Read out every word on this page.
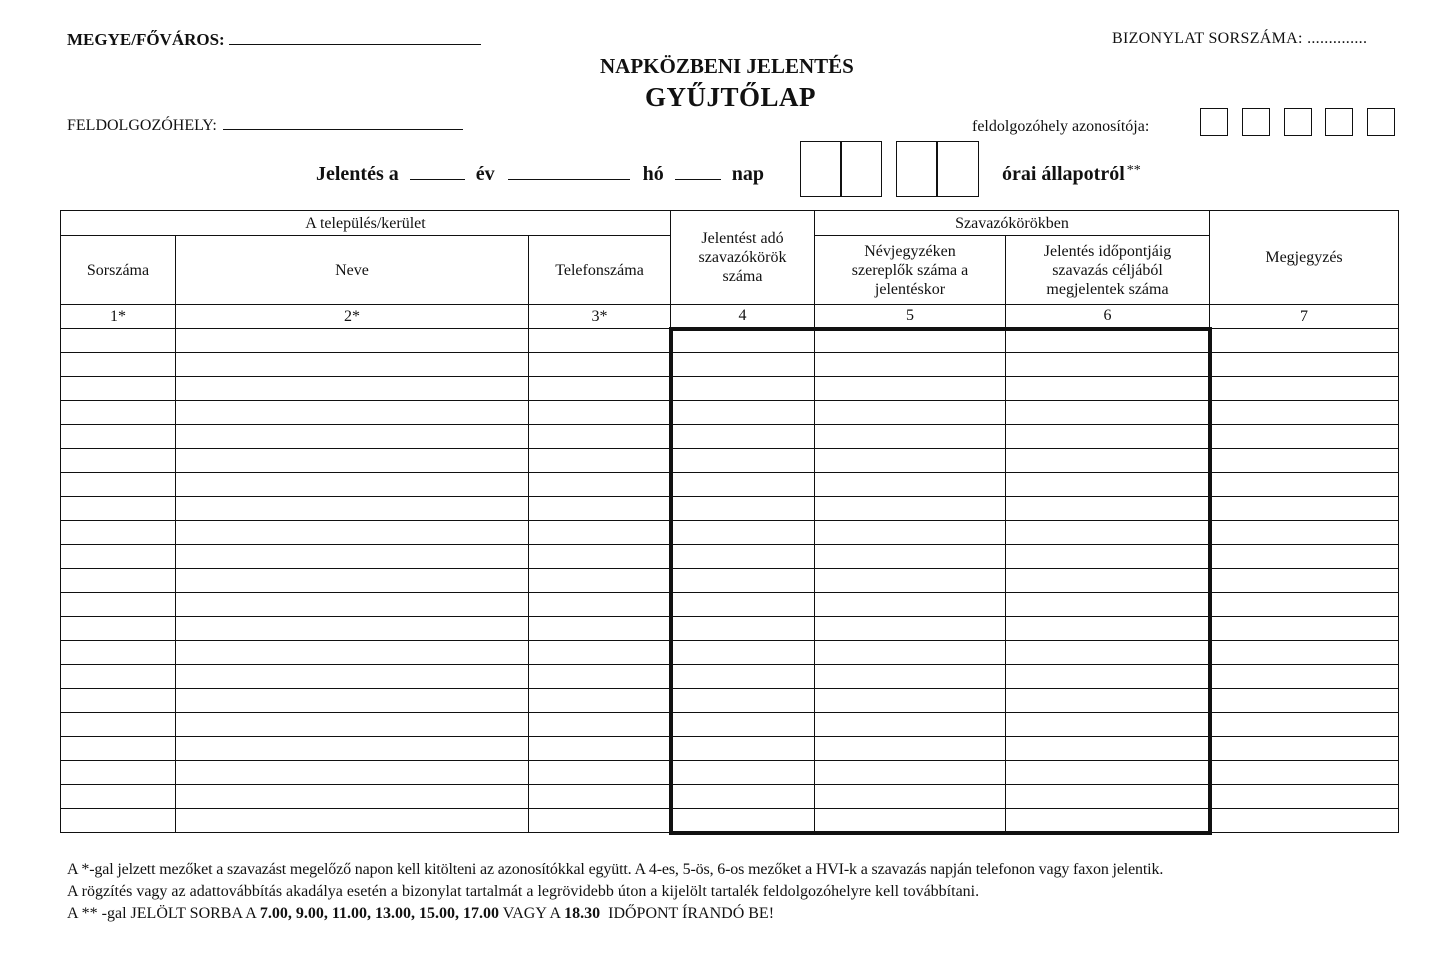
MEGYE/FŐVÁROS:	BIZONYLAT SORSZÁMA: ..............
NAPKÖZBENI JELENTÉS
GYŰJTŐLAP
FELDOLGOZÓHELY:	feldolgozóhely azonosítója:
Jelentés a	év	hó	nap	órai állapotról **
A település/kerület			Jelentést adó szavazókörök száma	Szavazókörökben		Megjegyzés
Sorszáma	Neve	Telefonszáma		Névjegyzéken szereplők száma a jelentéskor	Jelentés időpontjáig szavazás céljából megjelentek száma	
1*	2*	3*	4	5	6	7

A *-gal jelzett mezőket a szavazást megelőző napon kell kitölteni az azonosítókkal együtt. A 4-es, 5-ös, 6-os mezőket a HVI-k a szavazás napján telefonon vagy faxon jelentik.
A rögzítés vagy az adattovábbítás akadálya esetén a bizonylat tartalmát a legrövidebb úton a kijelölt tartalék feldolgozóhelyre kell továbbítani.
A ** -gal JELÖLT SORBA A 7.00, 9.00, 11.00, 13.00, 15.00, 17.00 VAGY A 18.30  IDŐPONT ÍRANDÓ BE!
